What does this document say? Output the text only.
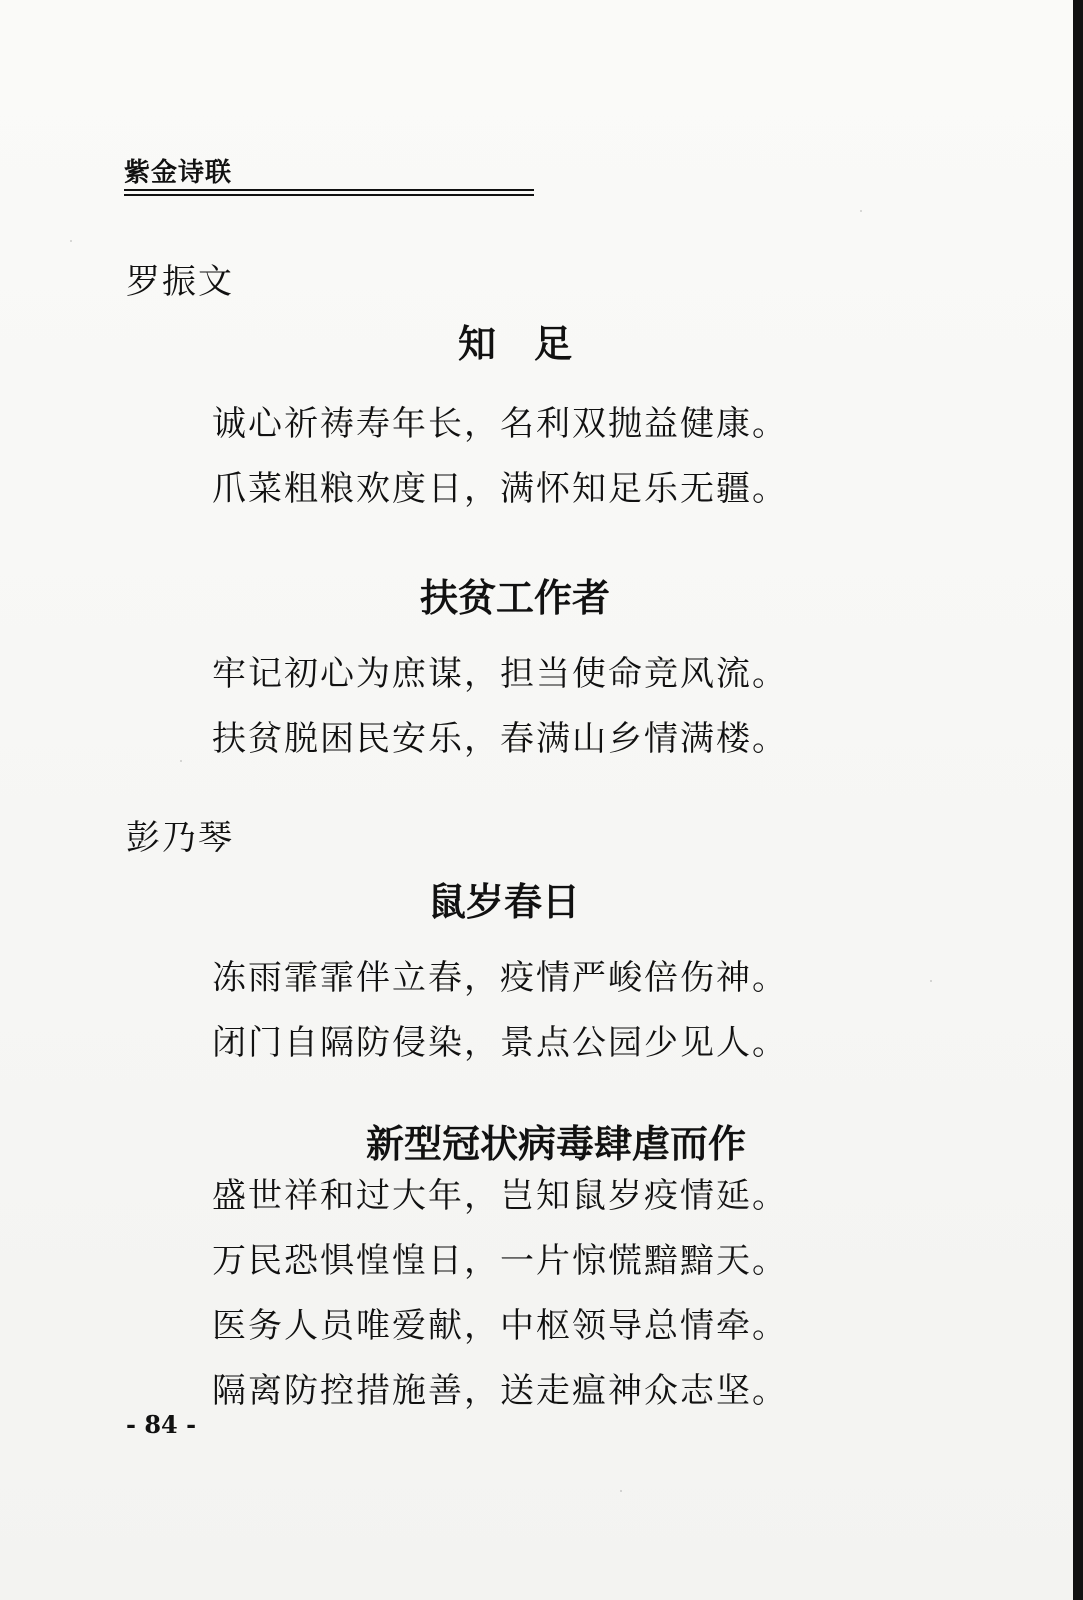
紫金诗联
罗振文
知　足
诚心祈祷寿年长，名利双抛益健康。
爪菜粗粮欢度日，满怀知足乐无疆。
扶贫工作者
牢记初心为庶谋，担当使命竞风流。
扶贫脱困民安乐，春满山乡情满楼。
彭乃琴
鼠岁春日
冻雨霏霏伴立春，疫情严峻倍伤神。
闭门自隔防侵染，景点公园少见人。
新型冠状病毒肆虐而作
盛世祥和过大年，岂知鼠岁疫情延。
万民恐惧惶惶日，一片惊慌黯黯天。
医务人员唯爱献，中枢领导总情牵。
隔离防控措施善，送走瘟神众志坚。
- 84 -
